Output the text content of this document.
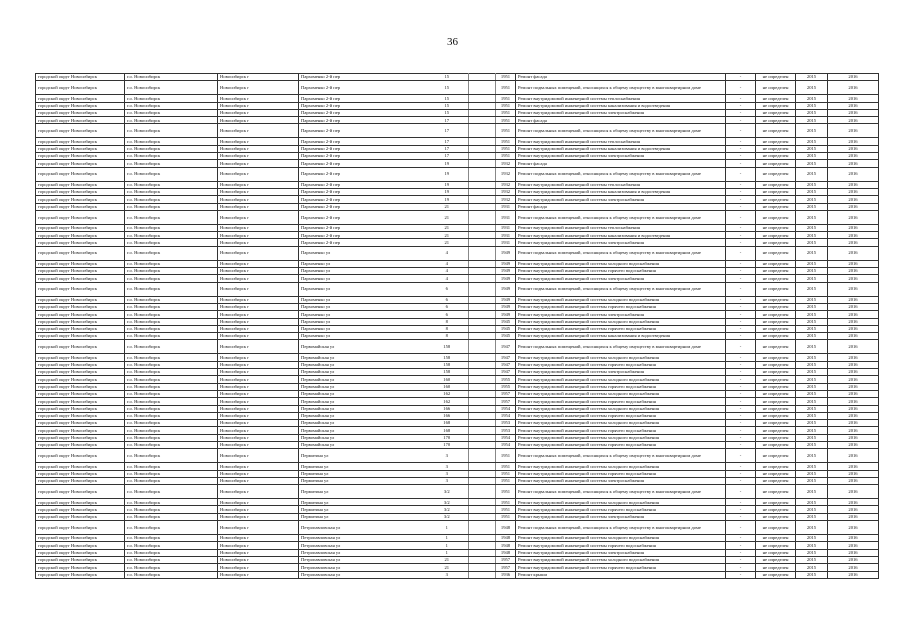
36
городской округ Новосибирск	г.о. Новосибирск	Новосибирск г	Пархоменко 2-й пер	15		1951	Ремонт фасада	-	не определен	2015	2016
городской округ Новосибирск	г.о. Новосибирск	Новосибирск г	Пархоменко 2-й пер	15		1951	Ремонт подвальных помещений, относящихся к общему имуществу в многоквартирном доме	-	не определен	2015	2016
городской округ Новосибирск	г.о. Новосибирск	Новосибирск г	Пархоменко 2-й пер	15		1951	Ремонт внутридомовой инженерной системы теплоснабжения	-	не определен	2015	2016
городской округ Новосибирск	г.о. Новосибирск	Новосибирск г	Пархоменко 2-й пер	15		1951	Ремонт внутридомовой инженерной системы канализования и водоотведения	-	не определен	2015	2016
городской округ Новосибирск	г.о. Новосибирск	Новосибирск г	Пархоменко 2-й пер	15		1951	Ремонт внутридомовой инженерной системы электроснабжения	-	не определен	2015	2016
городской округ Новосибирск	г.о. Новосибирск	Новосибирск г	Пархоменко 2-й пер	17		1951	Ремонт фасада	-	не определен	2015	2016
городской округ Новосибирск	г.о. Новосибирск	Новосибирск г	Пархоменко 2-й пер	17		1951	Ремонт подвальных помещений, относящихся к общему имуществу в многоквартирном доме	-	не определен	2015	2016
городской округ Новосибирск	г.о. Новосибирск	Новосибирск г	Пархоменко 2-й пер	17		1951	Ремонт внутридомовой инженерной системы теплоснабжения	-	не определен	2015	2016
городской округ Новосибирск	г.о. Новосибирск	Новосибирск г	Пархоменко 2-й пер	17		1951	Ремонт внутридомовой инженерной системы канализования и водоотведения	-	не определен	2015	2016
городской округ Новосибирск	г.о. Новосибирск	Новосибирск г	Пархоменко 2-й пер	17		1951	Ремонт внутридомовой инженерной системы электроснабжения	-	не определен	2015	2016
городской округ Новосибирск	г.о. Новосибирск	Новосибирск г	Пархоменко 2-й пер	19		1932	Ремонт фасада	-	не определен	2015	2016
городской округ Новосибирск	г.о. Новосибирск	Новосибирск г	Пархоменко 2-й пер	19		1932	Ремонт подвальных помещений, относящихся к общему имуществу в многоквартирном доме	-	не определен	2015	2016
городской округ Новосибирск	г.о. Новосибирск	Новосибирск г	Пархоменко 2-й пер	19		1932	Ремонт внутридомовой инженерной системы теплоснабжения	-	не определен	2015	2016
городской округ Новосибирск	г.о. Новосибирск	Новосибирск г	Пархоменко 2-й пер	19		1932	Ремонт внутридомовой инженерной системы канализования и водоотведения	-	не определен	2015	2016
городской округ Новосибирск	г.о. Новосибирск	Новосибирск г	Пархоменко 2-й пер	19		1932	Ремонт внутридомовой инженерной системы электроснабжения	-	не определен	2015	2016
городской округ Новосибирск	г.о. Новосибирск	Новосибирск г	Пархоменко 2-й пер	21		1931	Ремонт фасада	-	не определен	2015	2016
городской округ Новосибирск	г.о. Новосибирск	Новосибирск г	Пархоменко 2-й пер	21		1931	Ремонт подвальных помещений, относящихся к общему имуществу в многоквартирном доме	-	не определен	2015	2016
городской округ Новосибирск	г.о. Новосибирск	Новосибирск г	Пархоменко 2-й пер	21		1931	Ремонт внутридомовой инженерной системы теплоснабжения	-	не определен	2015	2016
городской округ Новосибирск	г.о. Новосибирск	Новосибирск г	Пархоменко 2-й пер	21		1931	Ремонт внутридомовой инженерной системы канализования и водоотведения	-	не определен	2015	2016
городской округ Новосибирск	г.о. Новосибирск	Новосибирск г	Пархоменко 2-й пер	21		1931	Ремонт внутридомовой инженерной системы электроснабжения	-	не определен	2015	2016
городской округ Новосибирск	г.о. Новосибирск	Новосибирск г	Пархоменко ул	4		1949	Ремонт подвальных помещений, относящихся к общему имуществу в многоквартирном доме	-	не определен	2015	2016
городской округ Новосибирск	г.о. Новосибирск	Новосибирск г	Пархоменко ул	4		1949	Ремонт внутридомовой инженерной системы холодного водоснабжения	-	не определен	2015	2016
городской округ Новосибирск	г.о. Новосибирск	Новосибирск г	Пархоменко ул	4		1949	Ремонт внутридомовой инженерной системы горячего водоснабжения	-	не определен	2015	2016
городской округ Новосибирск	г.о. Новосибирск	Новосибирск г	Пархоменко ул	4		1949	Ремонт внутридомовой инженерной системы электроснабжения	-	не определен	2015	2016
городской округ Новосибирск	г.о. Новосибирск	Новосибирск г	Пархоменко ул	6		1949	Ремонт подвальных помещений, относящихся к общему имуществу в многоквартирном доме	-	не определен	2015	2016
городской округ Новосибирск	г.о. Новосибирск	Новосибирск г	Пархоменко ул	6		1949	Ремонт внутридомовой инженерной системы холодного водоснабжения	-	не определен	2015	2016
городской округ Новосибирск	г.о. Новосибирск	Новосибирск г	Пархоменко ул	6		1949	Ремонт внутридомовой инженерной системы горячего водоснабжения	-	не определен	2015	2016
городской округ Новосибирск	г.о. Новосибирск	Новосибирск г	Пархоменко ул	6		1949	Ремонт внутридомовой инженерной системы электроснабжения	-	не определен	2015	2016
городской округ Новосибирск	г.о. Новосибирск	Новосибирск г	Пархоменко ул	8		1945	Ремонт внутридомовой инженерной системы холодного водоснабжения	-	не определен	2015	2016
городской округ Новосибирск	г.о. Новосибирск	Новосибирск г	Пархоменко ул	8		1945	Ремонт внутридомовой инженерной системы горячего водоснабжения	-	не определен	2015	2016
городской округ Новосибирск	г.о. Новосибирск	Новосибирск г	Пархоменко ул	8		1945	Ремонт внутридомовой инженерной системы канализования и водоотведения	-	не определен	2015	2016
городской округ Новосибирск	г.о. Новосибирск	Новосибирск г	Первомайская ул	158		1947	Ремонт подвальных помещений, относящихся к общему имуществу в многоквартирном доме	-	не определен	2015	2016
городской округ Новосибирск	г.о. Новосибирск	Новосибирск г	Первомайская ул	158		1947	Ремонт внутридомовой инженерной системы холодного водоснабжения	-	не определен	2015	2016
городской округ Новосибирск	г.о. Новосибирск	Новосибирск г	Первомайская ул	158		1947	Ремонт внутридомовой инженерной системы горячего водоснабжения	-	не определен	2015	2016
городской округ Новосибирск	г.о. Новосибирск	Новосибирск г	Первомайская ул	158		1947	Ремонт внутридомовой инженерной системы электроснабжения	-	не определен	2015	2016
городской округ Новосибирск	г.о. Новосибирск	Новосибирск г	Первомайская ул	160		1955	Ремонт внутридомовой инженерной системы холодного водоснабжения	-	не определен	2015	2016
городской округ Новосибирск	г.о. Новосибирск	Новосибирск г	Первомайская ул	160		1955	Ремонт внутридомовой инженерной системы горячего водоснабжения	-	не определен	2015	2016
городской округ Новосибирск	г.о. Новосибирск	Новосибирск г	Первомайская ул	162		1957	Ремонт внутридомовой инженерной системы холодного водоснабжения	-	не определен	2015	2016
городской округ Новосибирск	г.о. Новосибирск	Новосибирск г	Первомайская ул	162		1957	Ремонт внутридомовой инженерной системы горячего водоснабжения	-	не определен	2015	2016
городской округ Новосибирск	г.о. Новосибирск	Новосибирск г	Первомайская ул	166		1954	Ремонт внутридомовой инженерной системы холодного водоснабжения	-	не определен	2015	2016
городской округ Новосибирск	г.о. Новосибирск	Новосибирск г	Первомайская ул	166		1954	Ремонт внутридомовой инженерной системы горячего водоснабжения	-	не определен	2015	2016
городской округ Новосибирск	г.о. Новосибирск	Новосибирск г	Первомайская ул	168		1953	Ремонт внутридомовой инженерной системы холодного водоснабжения	-	не определен	2015	2016
городской округ Новосибирск	г.о. Новосибирск	Новосибирск г	Первомайская ул	168		1953	Ремонт внутридомовой инженерной системы горячего водоснабжения	-	не определен	2015	2016
городской округ Новосибирск	г.о. Новосибирск	Новосибирск г	Первомайская ул	170		1954	Ремонт внутридомовой инженерной системы холодного водоснабжения	-	не определен	2015	2016
городской округ Новосибирск	г.о. Новосибирск	Новосибирск г	Первомайская ул	170		1954	Ремонт внутридомовой инженерной системы горячего водоснабжения	-	не определен	2015	2016
городской округ Новосибирск	г.о. Новосибирск	Новосибирск г	Пермитина ул	3		1951	Ремонт подвальных помещений, относящихся к общему имуществу в многоквартирном доме	-	не определен	2015	2016
городской округ Новосибирск	г.о. Новосибирск	Новосибирск г	Пермитина ул	3		1951	Ремонт внутридомовой инженерной системы холодного водоснабжения	-	не определен	2015	2016
городской округ Новосибирск	г.о. Новосибирск	Новосибирск г	Пермитина ул	3		1951	Ремонт внутридомовой инженерной системы горячего водоснабжения	-	не определен	2015	2016
городской округ Новосибирск	г.о. Новосибирск	Новосибирск г	Пермитина ул	3		1951	Ремонт внутридомовой инженерной системы электроснабжения	-	не определен	2015	2016
городской округ Новосибирск	г.о. Новосибирск	Новосибирск г	Пермитина ул	3/2		1951	Ремонт подвальных помещений, относящихся к общему имуществу в многоквартирном доме	-	не определен	2015	2016
городской округ Новосибирск	г.о. Новосибирск	Новосибирск г	Пермитина ул	3/2		1951	Ремонт внутридомовой инженерной системы холодного водоснабжения	-	не определен	2015	2016
городской округ Новосибирск	г.о. Новосибирск	Новосибирск г	Пермитина ул	3/2		1951	Ремонт внутридомовой инженерной системы горячего водоснабжения	-	не определен	2015	2016
городской округ Новосибирск	г.о. Новосибирск	Новосибирск г	Пермитина ул	3/2		1951	Ремонт внутридомовой инженерной системы электроснабжения	-	не определен	2015	2016
городской округ Новосибирск	г.о. Новосибирск	Новосибирск г	Петропавловская ул	1		1948	Ремонт подвальных помещений, относящихся к общему имуществу в многоквартирном доме	-	не определен	2015	2016
городской округ Новосибирск	г.о. Новосибирск	Новосибирск г	Петропавловская ул	1		1948	Ремонт внутридомовой инженерной системы холодного водоснабжения	-	не определен	2015	2016
городской округ Новосибирск	г.о. Новосибирск	Новосибирск г	Петропавловская ул	1		1948	Ремонт внутридомовой инженерной системы горячего водоснабжения	-	не определен	2015	2016
городской округ Новосибирск	г.о. Новосибирск	Новосибирск г	Петропавловская ул	1		1948	Ремонт внутридомовой инженерной системы электроснабжения	-	не определен	2015	2016
городской округ Новосибирск	г.о. Новосибирск	Новосибирск г	Петропавловская ул	21		1957	Ремонт внутридомовой инженерной системы холодного водоснабжения	-	не определен	2015	2016
городской округ Новосибирск	г.о. Новосибирск	Новосибирск г	Петропавловская ул	21		1957	Ремонт внутридомовой инженерной системы горячего водоснабжения	-	не определен	2015	2016
городской округ Новосибирск	г.о. Новосибирск	Новосибирск г	Петропавловская ул	3		1936	Ремонт крыши	-	не определен	2015	2016
